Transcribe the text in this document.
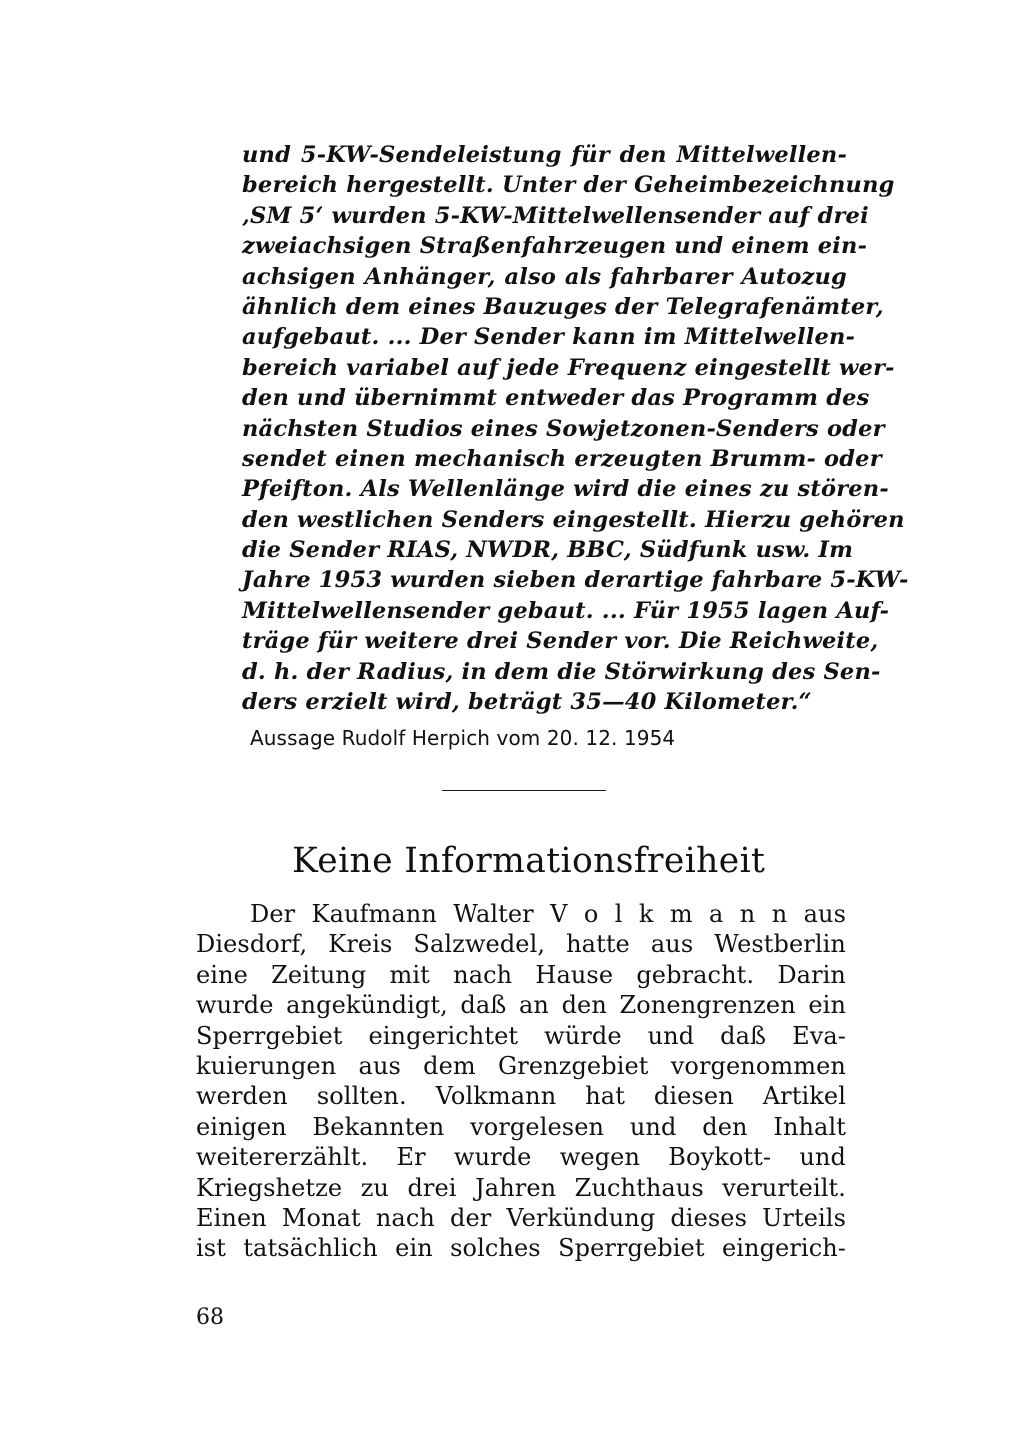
und 5-KW-Sendeleistung für den Mittelwellen-
bereich hergestellt. Unter der Geheimbezeichnung
‚SM 5‘ wurden 5-KW-Mittelwellensender auf drei
zweiachsigen Straßenfahrzeugen und einem ein-
achsigen Anhänger, also als fahrbarer Autozug
ähnlich dem eines Bauzuges der Telegrafenämter,
aufgebaut. ... Der Sender kann im Mittelwellen-
bereich variabel auf jede Frequenz eingestellt wer-
den und übernimmt entweder das Programm des
nächsten Studios eines Sowjetzonen-Senders oder
sendet einen mechanisch erzeugten Brumm- oder
Pfeifton. Als Wellenlänge wird die eines zu stören-
den westlichen Senders eingestellt. Hierzu gehören
die Sender RIAS, NWDR, BBC, Südfunk usw. Im
Jahre 1953 wurden sieben derartige fahrbare 5-KW-
Mittelwellensender gebaut. ... Für 1955 lagen Auf-
träge für weitere drei Sender vor. Die Reichweite,
d. h. der Radius, in dem die Störwirkung des Sen-
ders erzielt wird, beträgt 35—40 Kilometer.“
Aussage Rudolf Herpich vom 20. 12. 1954
Keine Informationsfreiheit
Der Kaufmann Walter V o l k m a n n aus
Diesdorf, Kreis Salzwedel, hatte aus Westberlin
eine Zeitung mit nach Hause gebracht. Darin
wurde angekündigt, daß an den Zonengrenzen ein
Sperrgebiet eingerichtet würde und daß Eva-
kuierungen aus dem Grenzgebiet vorgenommen
werden sollten. Volkmann hat diesen Artikel
einigen Bekannten vorgelesen und den Inhalt
weitererzählt. Er wurde wegen Boykott- und
Kriegshetze zu drei Jahren Zuchthaus verurteilt.
Einen Monat nach der Verkündung dieses Urteils
ist tatsächlich ein solches Sperrgebiet eingerich-
68
